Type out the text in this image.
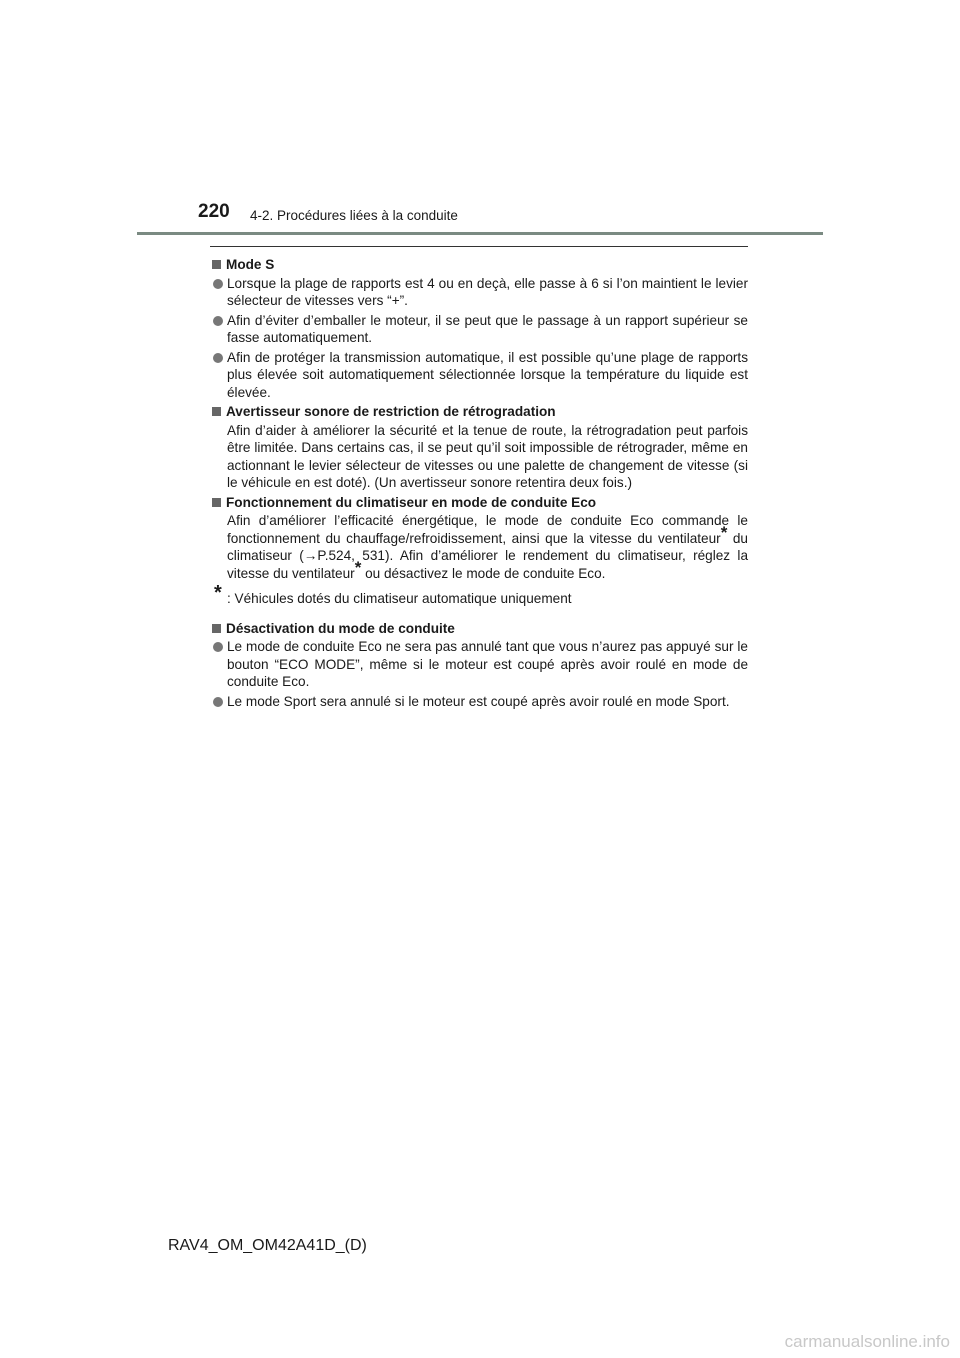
220 4-2. Procédures liées à la conduite
Mode S
Lorsque la plage de rapports est 4 ou en deçà, elle passe à 6 si l’on maintient le levier sélecteur de vitesses vers “+”.
Afin d’éviter d’emballer le moteur, il se peut que le passage à un rapport supérieur se fasse automatiquement.
Afin de protéger la transmission automatique, il est possible qu’une plage de rapports plus élevée soit automatiquement sélectionnée lorsque la température du liquide est élevée.
Avertisseur sonore de restriction de rétrogradation
Afin d’aider à améliorer la sécurité et la tenue de route, la rétrogradation peut parfois être limitée. Dans certains cas, il se peut qu’il soit impossible de rétrograder, même en actionnant le levier sélecteur de vitesses ou une palette de changement de vitesse (si le véhicule en est doté). (Un avertisseur sonore retentira deux fois.)
Fonctionnement du climatiseur en mode de conduite Eco
Afin d’améliorer l’efficacité énergétique, le mode de conduite Eco commande le fonctionnement du chauffage/refroidissement, ainsi que la vitesse du ventilateur* du climatiseur (→P.524, 531). Afin d’améliorer le rendement du climatiseur, réglez la vitesse du ventilateur* ou désactivez le mode de conduite Eco.
* : Véhicules dotés du climatiseur automatique uniquement
Désactivation du mode de conduite
Le mode de conduite Eco ne sera pas annulé tant que vous n’aurez pas appuyé sur le bouton “ECO MODE”, même si le moteur est coupé après avoir roulé en mode de conduite Eco.
Le mode Sport sera annulé si le moteur est coupé après avoir roulé en mode Sport.
RAV4_OM_OM42A41D_(D)
carmanualsonline.info
